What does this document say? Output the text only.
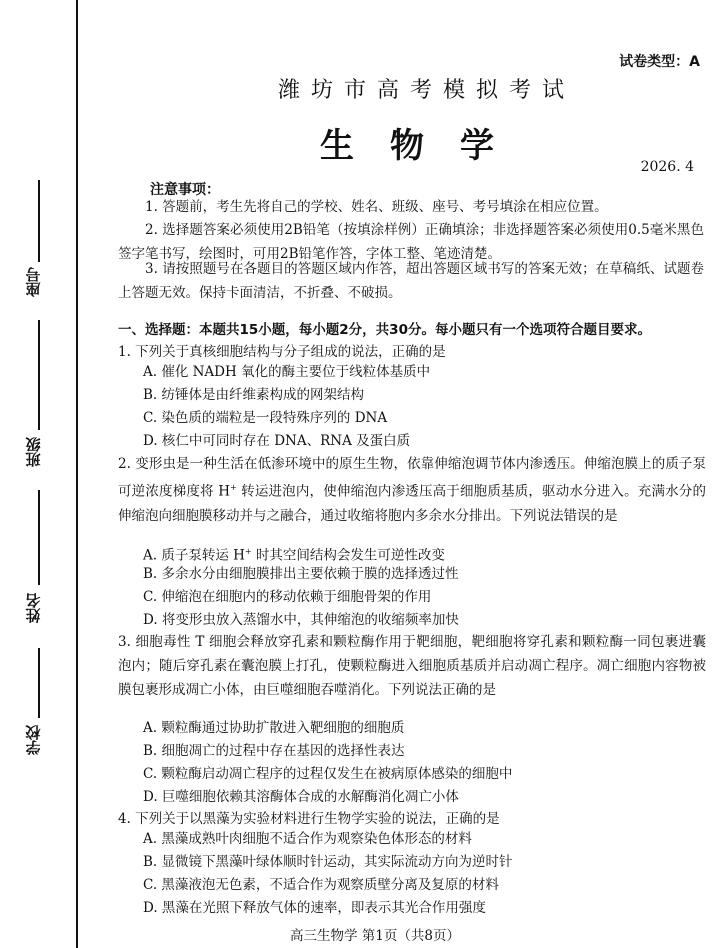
座号
班级
姓名
学校
试卷类型：A
潍坊市高考模拟考试
生物学
2026. 4
注意事项：
1. 答题前，考生先将自己的学校、姓名、班级、座号、考号填涂在相应位置。
2. 选择题答案必须使用2B铅笔（按填涂样例）正确填涂；非选择题答案必须使用0.5毫米黑色签字笔书写，绘图时，可用2B铅笔作答，字体工整、笔迹清楚。
3. 请按照题号在各题目的答题区域内作答，超出答题区域书写的答案无效；在草稿纸、试题卷上答题无效。保持卡面清洁，不折叠、不破损。
一、选择题：本题共15小题，每小题2分，共30分。每小题只有一个选项符合题目要求。
1. 下列关于真核细胞结构与分子组成的说法，正确的是
A. 催化 NADH 氧化的酶主要位于线粒体基质中
B. 纺锤体是由纤维素构成的网架结构
C. 染色质的端粒是一段特殊序列的 DNA
D. 核仁中可同时存在 DNA、RNA 及蛋白质
2. 变形虫是一种生活在低渗环境中的原生生物，依靠伸缩泡调节体内渗透压。伸缩泡膜上的质子泵可逆浓度梯度将 H+ 转运进泡内，使伸缩泡内渗透压高于细胞质基质，驱动水分进入。充满水分的伸缩泡向细胞膜移动并与之融合，通过收缩将胞内多余水分排出。下列说法错误的是
A. 质子泵转运 H+ 时其空间结构会发生可逆性改变
B. 多余水分由细胞膜排出主要依赖于膜的选择透过性
C. 伸缩泡在细胞内的移动依赖于细胞骨架的作用
D. 将变形虫放入蒸馏水中，其伸缩泡的收缩频率加快
3. 细胞毒性 T 细胞会释放穿孔素和颗粒酶作用于靶细胞，靶细胞将穿孔素和颗粒酶一同包裹进囊泡内；随后穿孔素在囊泡膜上打孔，使颗粒酶进入细胞质基质并启动凋亡程序。凋亡细胞内容物被膜包裹形成凋亡小体，由巨噬细胞吞噬消化。下列说法正确的是
A. 颗粒酶通过协助扩散进入靶细胞的细胞质
B. 细胞凋亡的过程中存在基因的选择性表达
C. 颗粒酶启动凋亡程序的过程仅发生在被病原体感染的细胞中
D. 巨噬细胞依赖其溶酶体合成的水解酶消化凋亡小体
4. 下列关于以黑藻为实验材料进行生物学实验的说法，正确的是
A. 黑藻成熟叶肉细胞不适合作为观察染色体形态的材料
B. 显微镜下黑藻叶绿体顺时针运动，其实际流动方向为逆时针
C. 黑藻液泡无色素，不适合作为观察质壁分离及复原的材料
D. 黑藻在光照下释放气体的速率，即表示其光合作用强度
高三生物学 第1页（共8页）
